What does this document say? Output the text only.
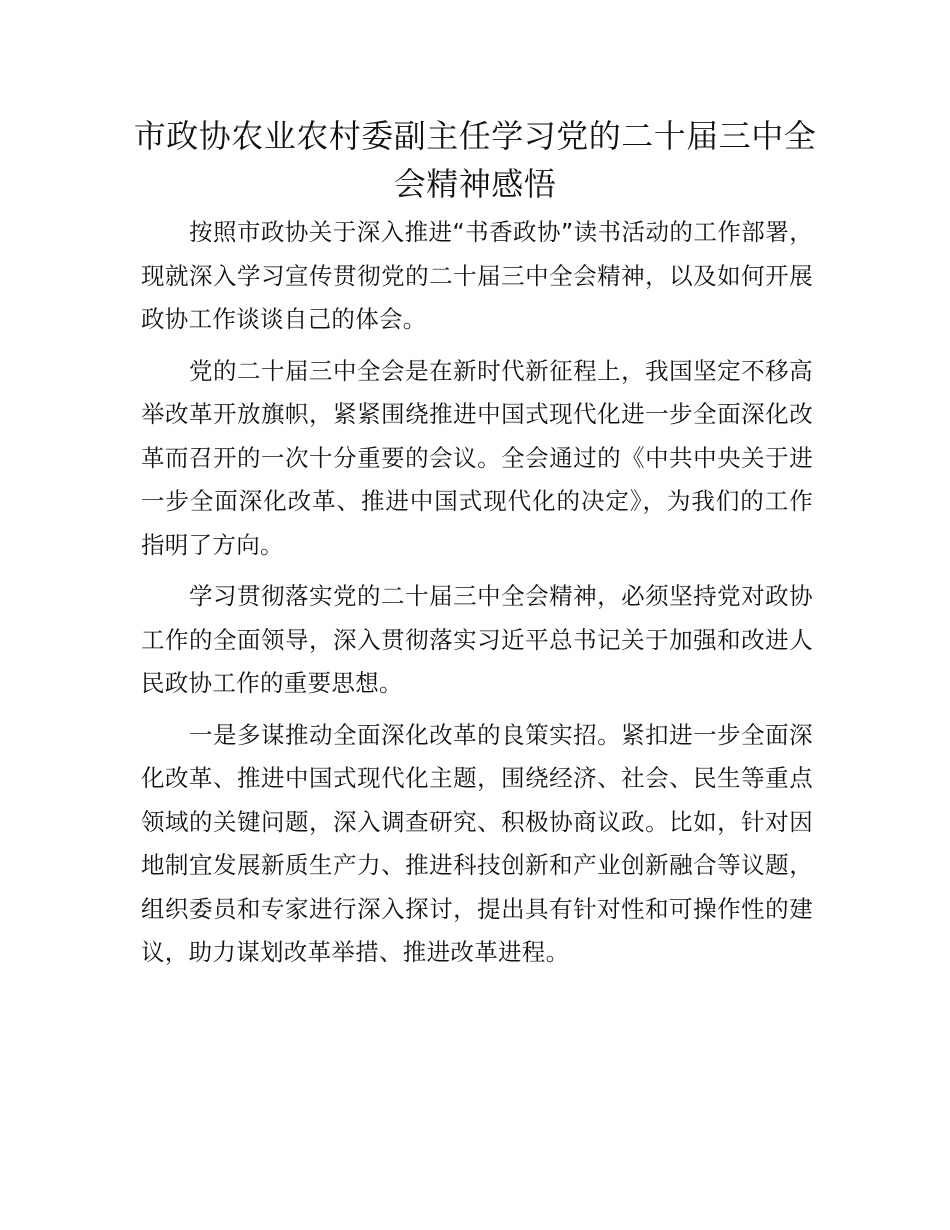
市政协农业农村委副主任学习党的二十届三中全会精神感悟

按照市政协关于深入推进“书香政协”读书活动的工作部署，现就深入学习宣传贯彻党的二十届三中全会精神，以及如何开展政协工作谈谈自己的体会。

党的二十届三中全会是在新时代新征程上，我国坚定不移高举改革开放旗帜，紧紧围绕推进中国式现代化进一步全面深化改革而召开的一次十分重要的会议。全会通过的《中共中央关于进一步全面深化改革、推进中国式现代化的决定》，为我们的工作指明了方向。

学习贯彻落实党的二十届三中全会精神，必须坚持党对政协工作的全面领导，深入贯彻落实习近平总书记关于加强和改进人民政协工作的重要思想。

一是多谋推动全面深化改革的良策实招。紧扣进一步全面深化改革、推进中国式现代化主题，围绕经济、社会、民生等重点领域的关键问题，深入调查研究、积极协商议政。比如，针对因地制宜发展新质生产力、推进科技创新和产业创新融合等议题，组织委员和专家进行深入探讨，提出具有针对性和可操作性的建议，助力谋划改革举措、推进改革进程。
